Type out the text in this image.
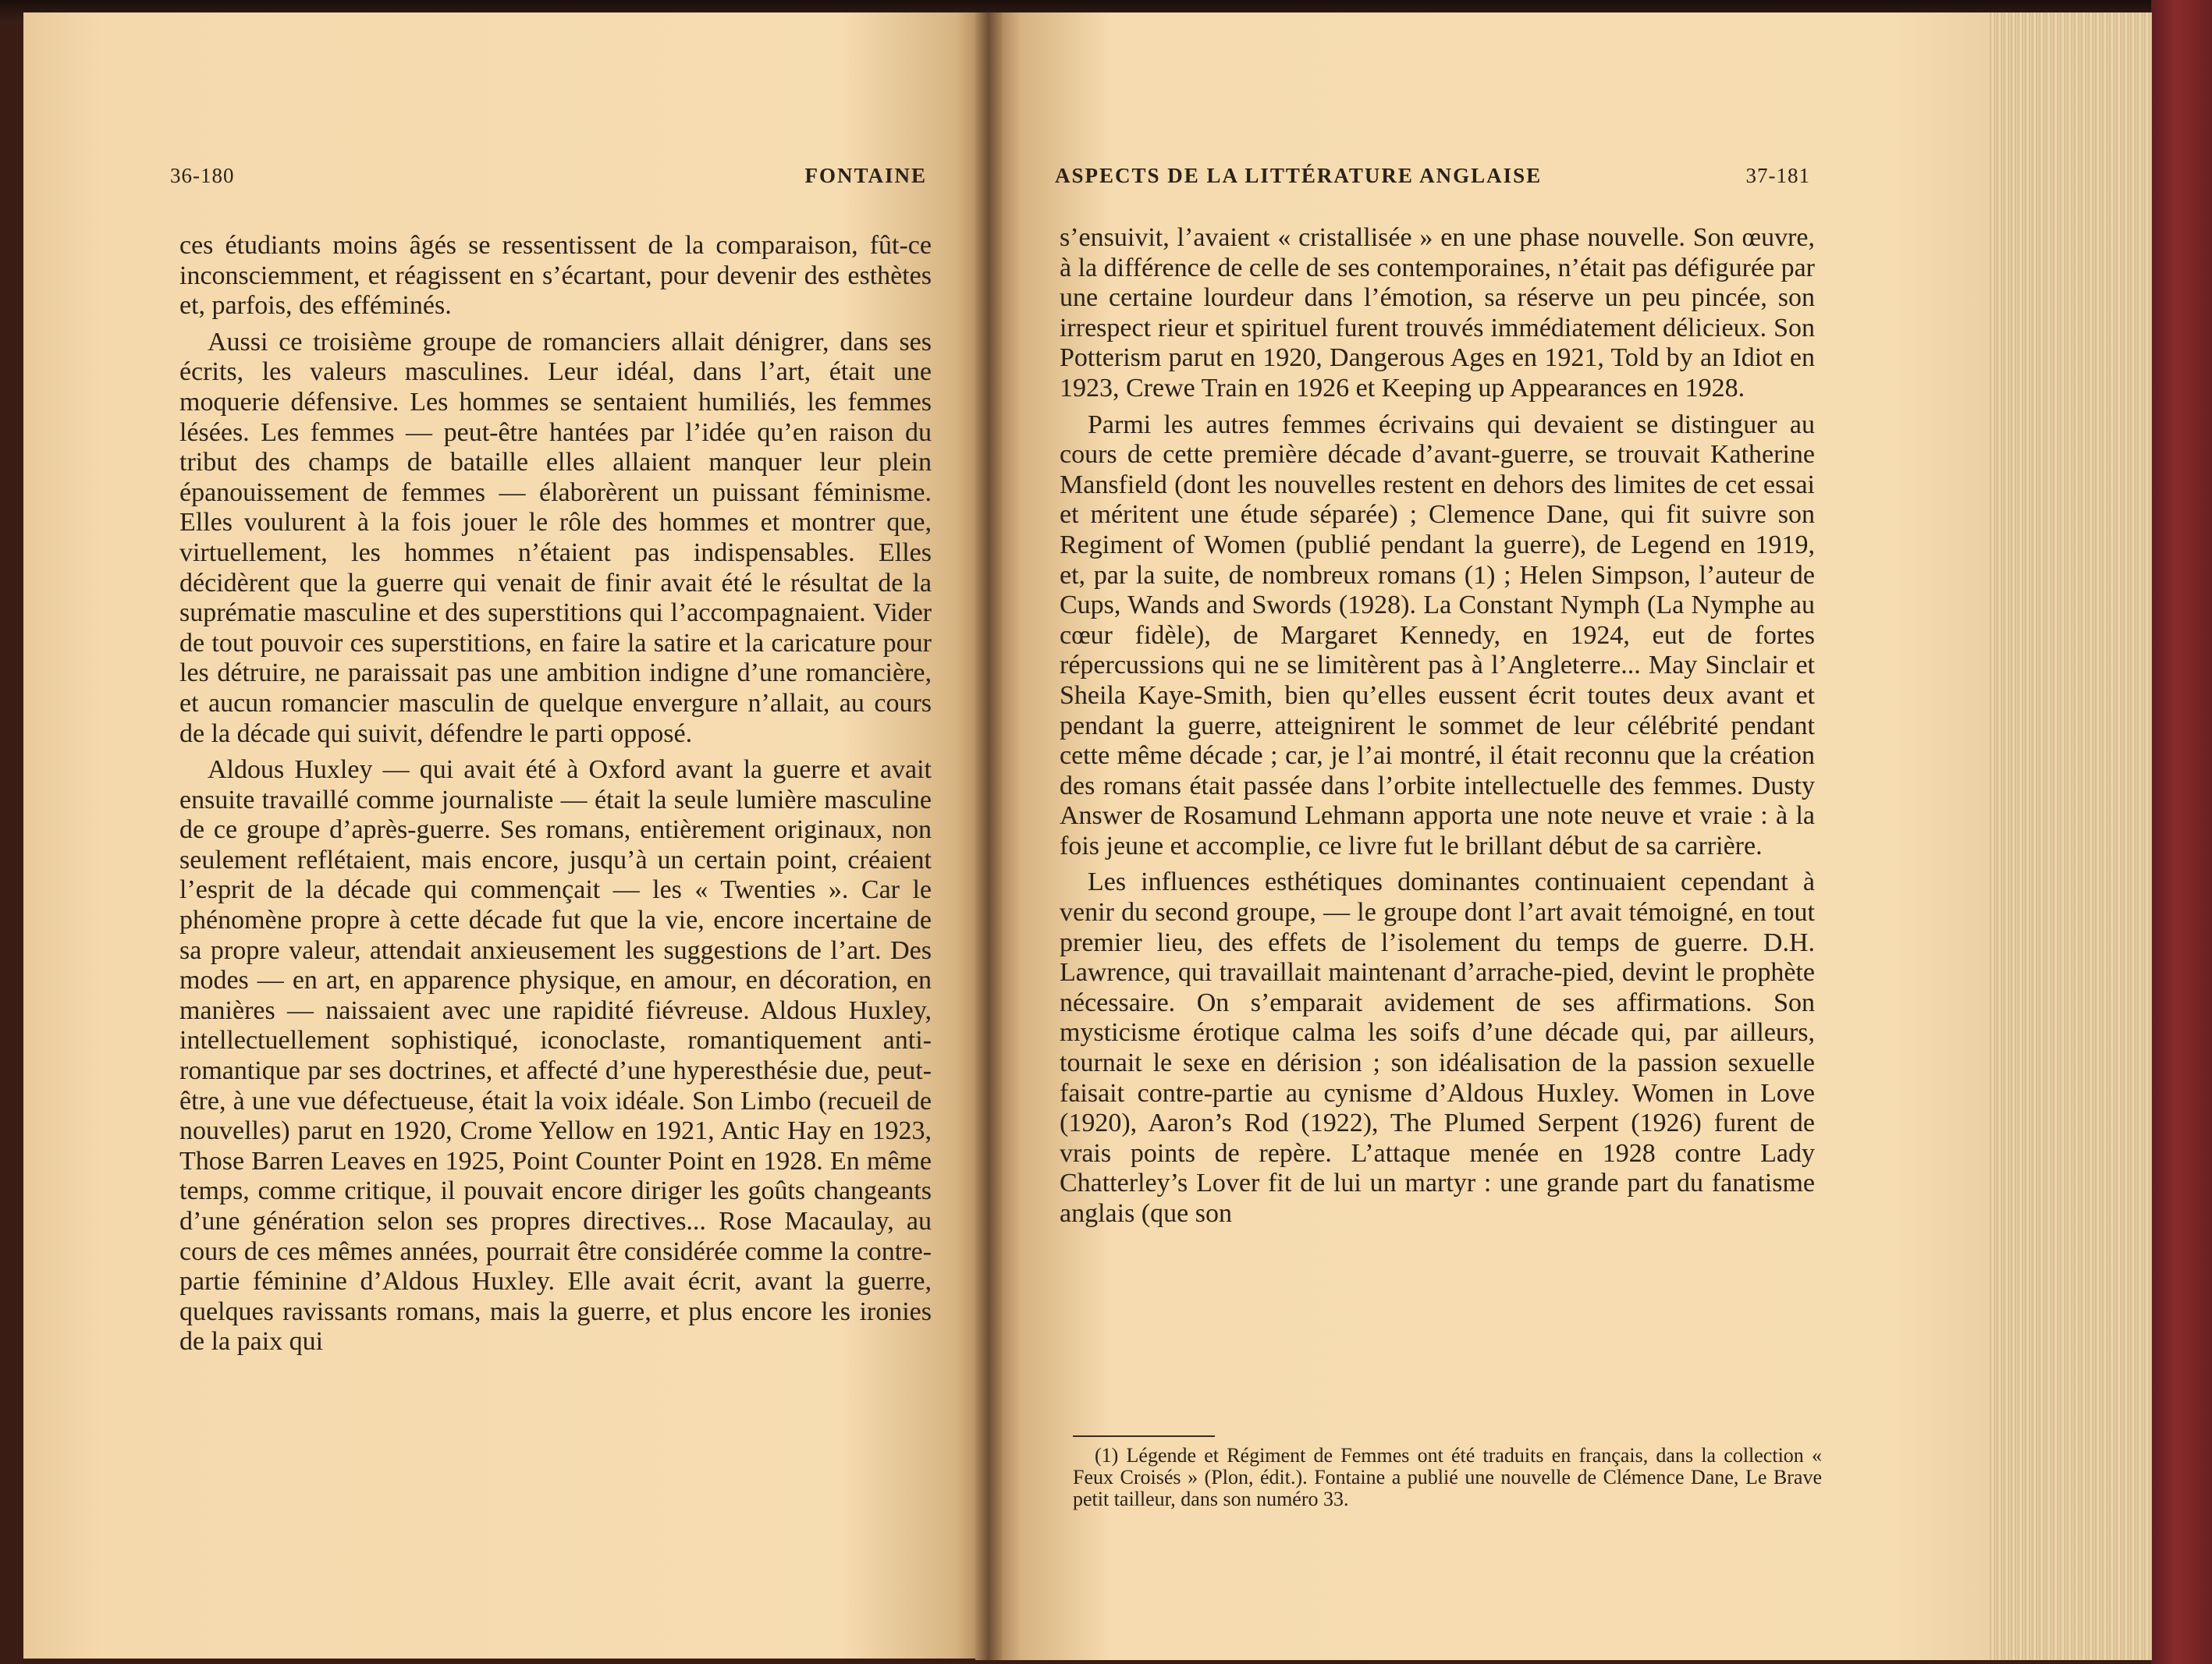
36-180	FONTAINE

ces étudiants moins âgés se ressentissent de la comparaison, fût-ce inconsciemment, et réagissent en s’écartant, pour devenir des esthètes et, parfois, des efféminés.

Aussi ce troisième groupe de romanciers allait dénigrer, dans ses écrits, les valeurs masculines. Leur idéal, dans l’art, était une moquerie défensive. Les hommes se sentaient humiliés, les femmes lésées. Les femmes — peut-être hantées par l’idée qu’en raison du tribut des champs de bataille elles allaient manquer leur plein épanouissement de femmes — élaborèrent un puissant féminisme. Elles voulurent à la fois jouer le rôle des hommes et montrer que, virtuellement, les hommes n’étaient pas indispensables. Elles décidèrent que la guerre qui venait de finir avait été le résultat de la suprématie masculine et des superstitions qui l’accompagnaient. Vider de tout pouvoir ces superstitions, en faire la satire et la caricature pour les détruire, ne paraissait pas une ambition indigne d’une romancière, et aucun romancier masculin de quelque envergure n’allait, au cours de la décade qui suivit, défendre le parti opposé.

Aldous Huxley — qui avait été à Oxford avant la guerre et avait ensuite travaillé comme journaliste — était la seule lumière masculine de ce groupe d’après-guerre. Ses romans, entièrement originaux, non seulement reflétaient, mais encore, jusqu’à un certain point, créaient l’esprit de la décade qui commençait — les « Twenties ». Car le phénomène propre à cette décade fut que la vie, encore incertaine de sa propre valeur, attendait anxieusement les suggestions de l’art. Des modes — en art, en apparence physique, en amour, en décoration, en manières — naissaient avec une rapidité fiévreuse. Aldous Huxley, intellectuellement sophistiqué, iconoclaste, romantiquement anti-romantique par ses doctrines, et affecté d’une hyperesthésie due, peut-être, à une vue défectueuse, était la voix idéale. Son Limbo (recueil de nouvelles) parut en 1920, Crome Yellow en 1921, Antic Hay en 1923, Those Barren Leaves en 1925, Point Counter Point en 1928. En même temps, comme critique, il pouvait encore diriger les goûts changeants d’une génération selon ses propres directives... Rose Macaulay, au cours de ces mêmes années, pourrait être considérée comme la contre-partie féminine d’Aldous Huxley. Elle avait écrit, avant la guerre, quelques ravissants romans, mais la guerre, et plus encore les ironies de la paix qui

ASPECTS DE LA LITTÉRATURE ANGLAISE	37-181

s’ensuivit, l’avaient « cristallisée » en une phase nouvelle. Son œuvre, à la différence de celle de ses contemporaines, n’était pas défigurée par une certaine lourdeur dans l’émotion, sa réserve un peu pincée, son irrespect rieur et spirituel furent trouvés immédiatement délicieux. Son Potterism parut en 1920, Dangerous Ages en 1921, Told by an Idiot en 1923, Crewe Train en 1926 et Keeping up Appearances en 1928.

Parmi les autres femmes écrivains qui devaient se distinguer au cours de cette première décade d’avant-guerre, se trouvait Katherine Mansfield (dont les nouvelles restent en dehors des limites de cet essai et méritent une étude séparée) ; Clemence Dane, qui fit suivre son Regiment of Women (publié pendant la guerre), de Legend en 1919, et, par la suite, de nombreux romans (1) ; Helen Simpson, l’auteur de Cups, Wands and Swords (1928). La Constant Nymph (La Nymphe au cœur fidèle), de Margaret Kennedy, en 1924, eut de fortes répercussions qui ne se limitèrent pas à l’Angleterre... May Sinclair et Sheila Kaye-Smith, bien qu’elles eussent écrit toutes deux avant et pendant la guerre, atteignirent le sommet de leur célébrité pendant cette même décade ; car, je l’ai montré, il était reconnu que la création des romans était passée dans l’orbite intellectuelle des femmes. Dusty Answer de Rosamund Lehmann apporta une note neuve et vraie : à la fois jeune et accomplie, ce livre fut le brillant début de sa carrière.

Les influences esthétiques dominantes continuaient cependant à venir du second groupe, — le groupe dont l’art avait témoigné, en tout premier lieu, des effets de l’isolement du temps de guerre. D.H. Lawrence, qui travaillait maintenant d’arrache-pied, devint le prophète nécessaire. On s’emparait avidement de ses affirmations. Son mysticisme érotique calma les soifs d’une décade qui, par ailleurs, tournait le sexe en dérision ; son idéalisation de la passion sexuelle faisait contre-partie au cynisme d’Aldous Huxley. Women in Love (1920), Aaron’s Rod (1922), The Plumed Serpent (1926) furent de vrais points de repère. L’attaque menée en 1928 contre Lady Chatterley’s Lover fit de lui un martyr : une grande part du fanatisme anglais (que son

(1) Légende et Régiment de Femmes ont été traduits en français, dans la collection « Feux Croisés » (Plon, édit.). Fontaine a publié une nouvelle de Clémence Dane, Le Brave petit tailleur, dans son numéro 33.
